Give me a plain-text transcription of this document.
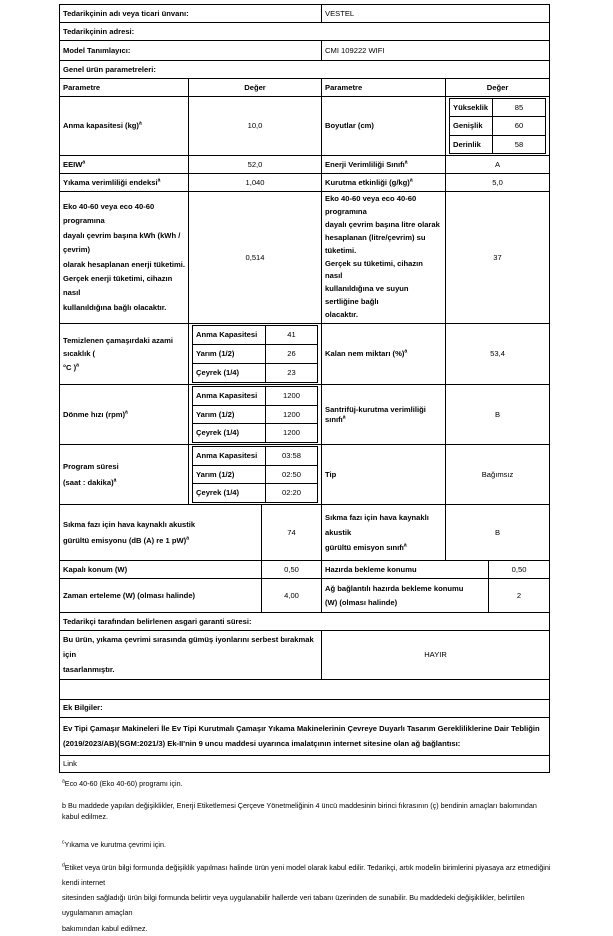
Tedarikçinin adı veya ticari ünvanı:	VESTEL
Tedarikçinin adresi:
Model Tanımlayıcı:	CMI 109222 WIFI
Genel ürün parametreleri:
Parametre	Değer	Parametre	Değer
Anma kapasitesi (kg)$^a$	10,0	Boyutlar (cm)	
Yükseklik	85
Genişlik	60
Derinlik	58

EEIW$^a$	52,0	Enerji Verimliliği Sınıfı$^a$	A
Yıkama verimliliği endeksi$^a$	1,040	Kurutma etkinliği $(g/kg)^a$	5,0
Eko 40-60 veya eco 40-60 programına
dayalı çevrim başına kWh (kWh / çevrim)
olarak hesaplanan enerji tüketimi.
Gerçek enerji tüketimi, cihazın nasıl
kullanıldığına bağlı olacaktır.	0,514	Eko 40-60 veya eco 40-60 programına
dayalı çevrim başına litre olarak
hesaplanan (litre/çevrim) su tüketimi.
Gerçek su tüketimi, cihazın nasıl
kullanıldığına ve suyun sertliğine bağlı
olacaktır.	37
Temizlenen çamaşırdaki azami sıcaklık (
°C )$^a$	
Anma Kapasitesi	41
Yarım (1/2)	26
Çeyrek (1/4)	23
	Kalan nem miktarı (%)$^a$	53,4
Dönme hızı (rpm)$^a$	
Anma Kapasitesi	1200
Yarım (1/2)	1200
Çeyrek (1/4)	1200
	Santrifüj-kurutma verimliliği sınıfı$^a$	B
Program süresi
(saat : dakika)$^a$	
Anma Kapasitesi	03:58
Yarım (1/2)	02:50
Çeyrek (1/4)	02:20
	Tip	Bağımsız
Sıkma fazı için hava kaynaklı akustik
gürültü emisyonu (dB (A) re 1 pW)$^a$	74	Sıkma fazı için hava kaynaklı akustik
gürültü emisyon sınıfı$^a$	B
Kapalı konum (W)	0,50	Hazırda bekleme konumu	0,50
Zaman erteleme (W) (olması halinde)	4,00	Ağ bağlantılı hazırda bekleme konumu
(W) (olması halinde)	2
Tedarikçi tarafından belirlenen asgari garanti süresi:
Bu ürün, yıkama çevrimi sırasında gümüş iyonlarını serbest bırakmak için
tasarlanmıştır.	HAYIR

Ek Bilgiler:
Ev Tipi Çamaşır Makineleri İle Ev Tipi Kurutmalı Çamaşır Yıkama Makinelerinin Çevreye Duyarlı Tasarım Gerekliliklerine Dair Tebliğin
(2019/2023/AB)(SGM:2021/3) Ek-II'nin 9 uncu maddesi uyarınca imalatçının internet sitesine olan ağ bağlantısı:
Link

$^a$Eco 40-60 (Eko 40-60) programı için.

b Bu maddede yapılan değişiklikler, Enerji Etiketlemesi Çerçeve Yönetmeliğinin 4 üncü maddesinin birinci fıkrasının (ç) bendinin amaçları bakımından kabul edilmez.

$^c$Yıkama ve kurutma çevrimi için.

$^d$Etiket veya ürün bilgi formunda değişiklik yapılması halinde ürün yeni model olarak kabul edilir. Tedarikçi, artık modelin birimlerini piyasaya arz etmediğini kendi internet
sitesinden sağladığı ürün bilgi formunda belirtir veya uygulanabilir hallerde veri tabanı üzerinden de sunabilir. Bu maddedeki değişiklikler, belirtilen uygulamanın amaçları
bakımından kabul edilmez.
